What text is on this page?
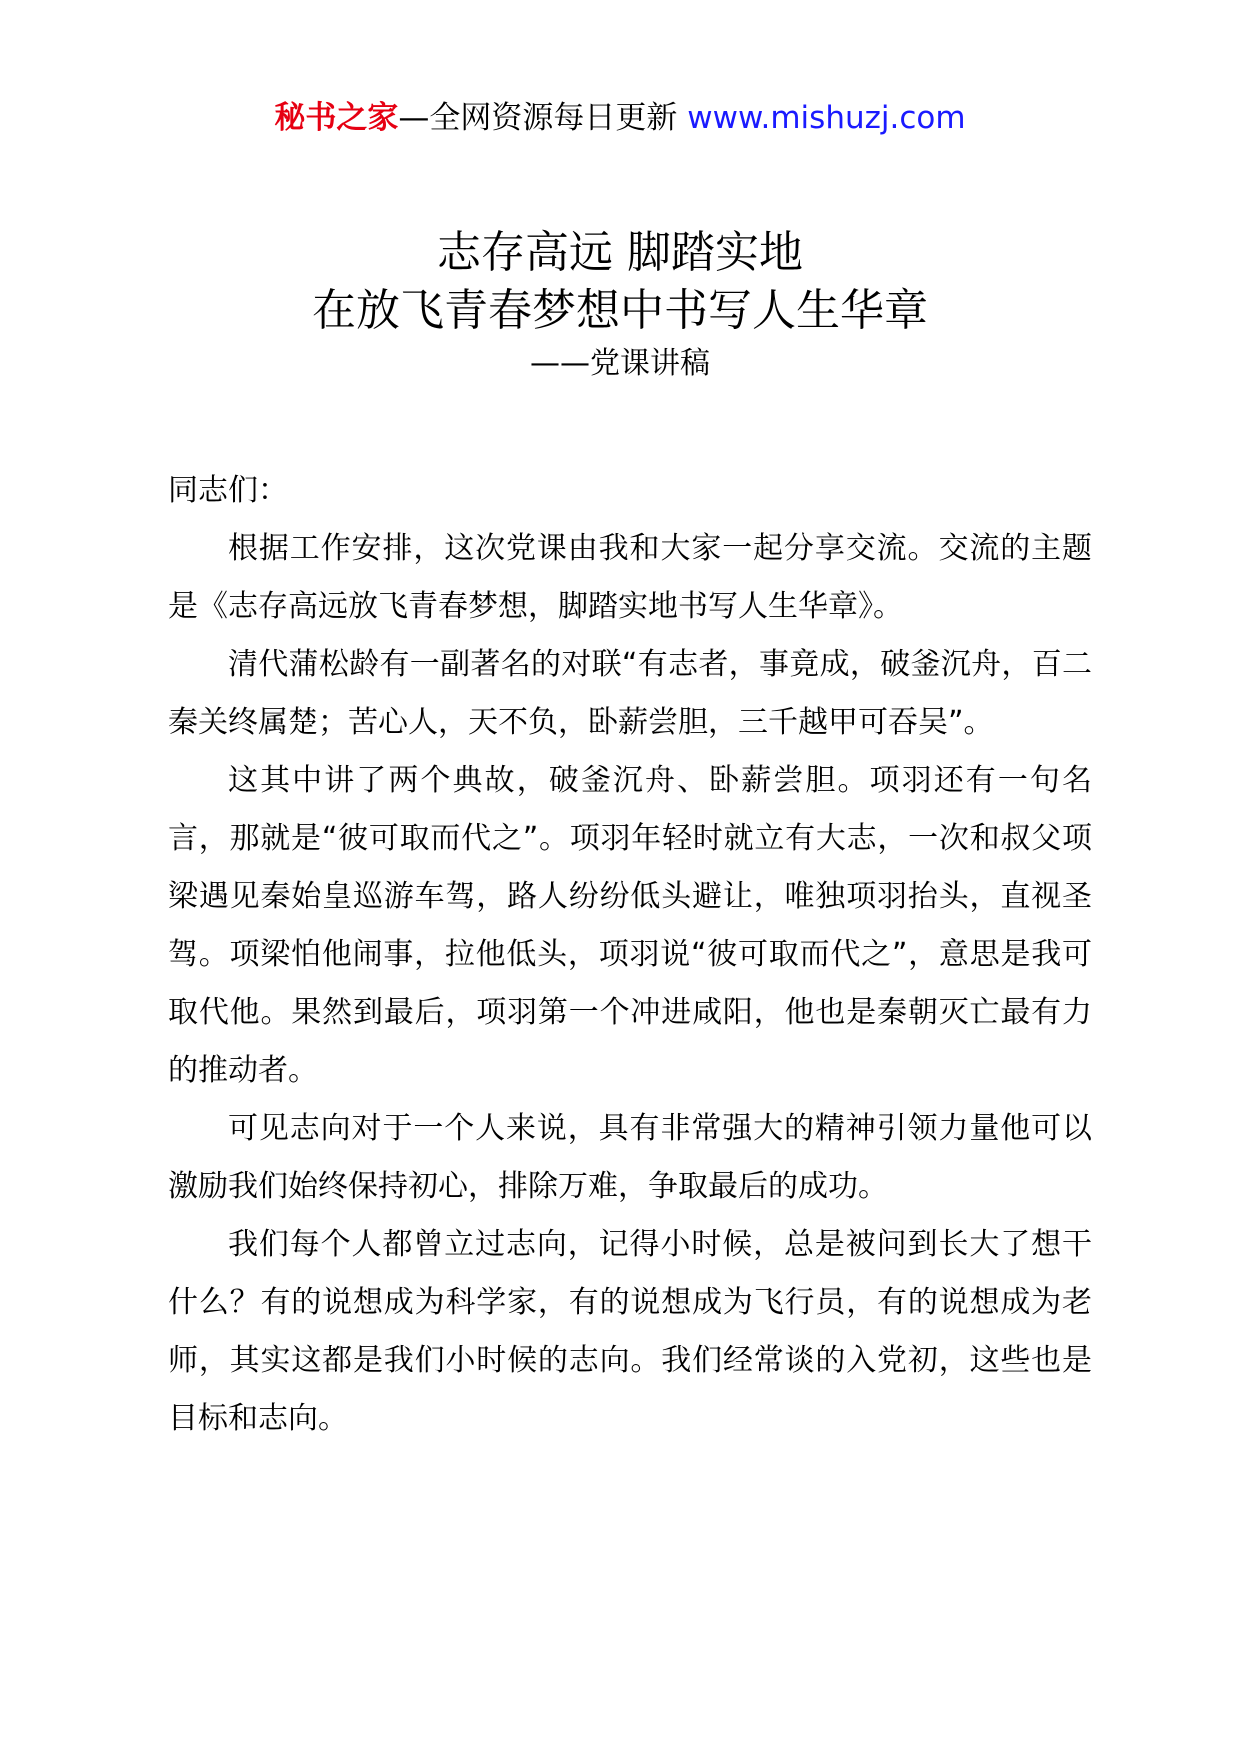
秘书之家—全网资源每日更新 www.mishuzj.com
志存高远 脚踏实地
在放飞青春梦想中书写人生华章
——党课讲稿

同志们：

根据工作安排，这次党课由我和大家一起分享交流。交流的主题是《志存高远放飞青春梦想，脚踏实地书写人生华章》。

清代蒲松龄有一副著名的对联“有志者，事竟成，破釜沉舟，百二秦关终属楚；苦心人，天不负，卧薪尝胆，三千越甲可吞吴”。

这其中讲了两个典故，破釜沉舟、卧薪尝胆。项羽还有一句名言，那就是“彼可取而代之”。项羽年轻时就立有大志，一次和叔父项梁遇见秦始皇巡游车驾，路人纷纷低头避让，唯独项羽抬头，直视圣驾。项梁怕他闹事，拉他低头，项羽说“彼可取而代之”，意思是我可取代他。果然到最后，项羽第一个冲进咸阳，他也是秦朝灭亡最有力的推动者。

可见志向对于一个人来说，具有非常强大的精神引领力量他可以激励我们始终保持初心，排除万难，争取最后的成功。

我们每个人都曾立过志向，记得小时候，总是被问到长大了想干什么？有的说想成为科学家，有的说想成为飞行员，有的说想成为老师，其实这都是我们小时候的志向。我们经常谈的入党初，这些也是目标和志向。
